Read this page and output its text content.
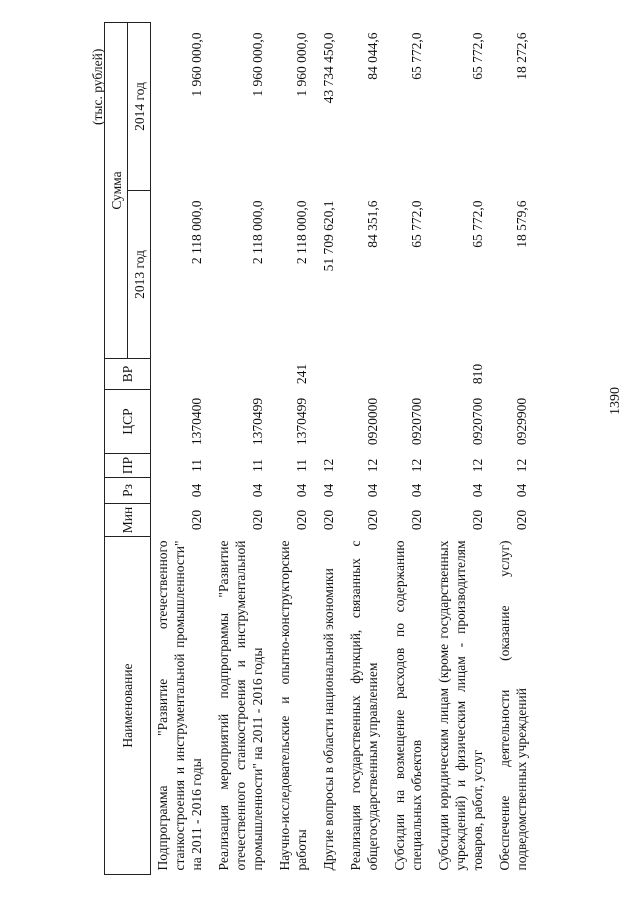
1390
(тыс. рублей)
Наименование	Мин	Рз	ПР	ЦСР	ВР	Сумма	
						2013 год	2014 год
Подпрограмма "Развитие отечественного станкостроения и инструментальной промышленности" на 2011 - 2016 годы	020	04	11	1370400		2 118 000,0	1 960 000,0
Реализация мероприятий подпрограммы "Развитие отечественного станкостроения и инструментальной промышленности" на 2011 - 2016 годы	020	04	11	1370499		2 118 000,0	1 960 000,0
Научно-исследовательские и опытно-конструкторские работы	020	04	11	1370499	241	2 118 000,0	1 960 000,0
Другие вопросы в области национальной экономики	020	04	12			51 709 620,1	43 734 450,0
Реализация государственных функций, связанных с общегосударственным управлением	020	04	12	0920000		84 351,6	84 044,6
Субсидии на возмещение расходов по содержанию специальных объектов	020	04	12	0920700		65 772,0	65 772,0
Субсидии юридическим лицам (кроме государственных учреждений) и физическим лицам - производителям товаров, работ, услуг	020	04	12	0920700	810	65 772,0	65 772,0
Обеспечение деятельности (оказание услуг) подведомственных учреждений	020	04	12	0929900		18 579,6	18 272,6
